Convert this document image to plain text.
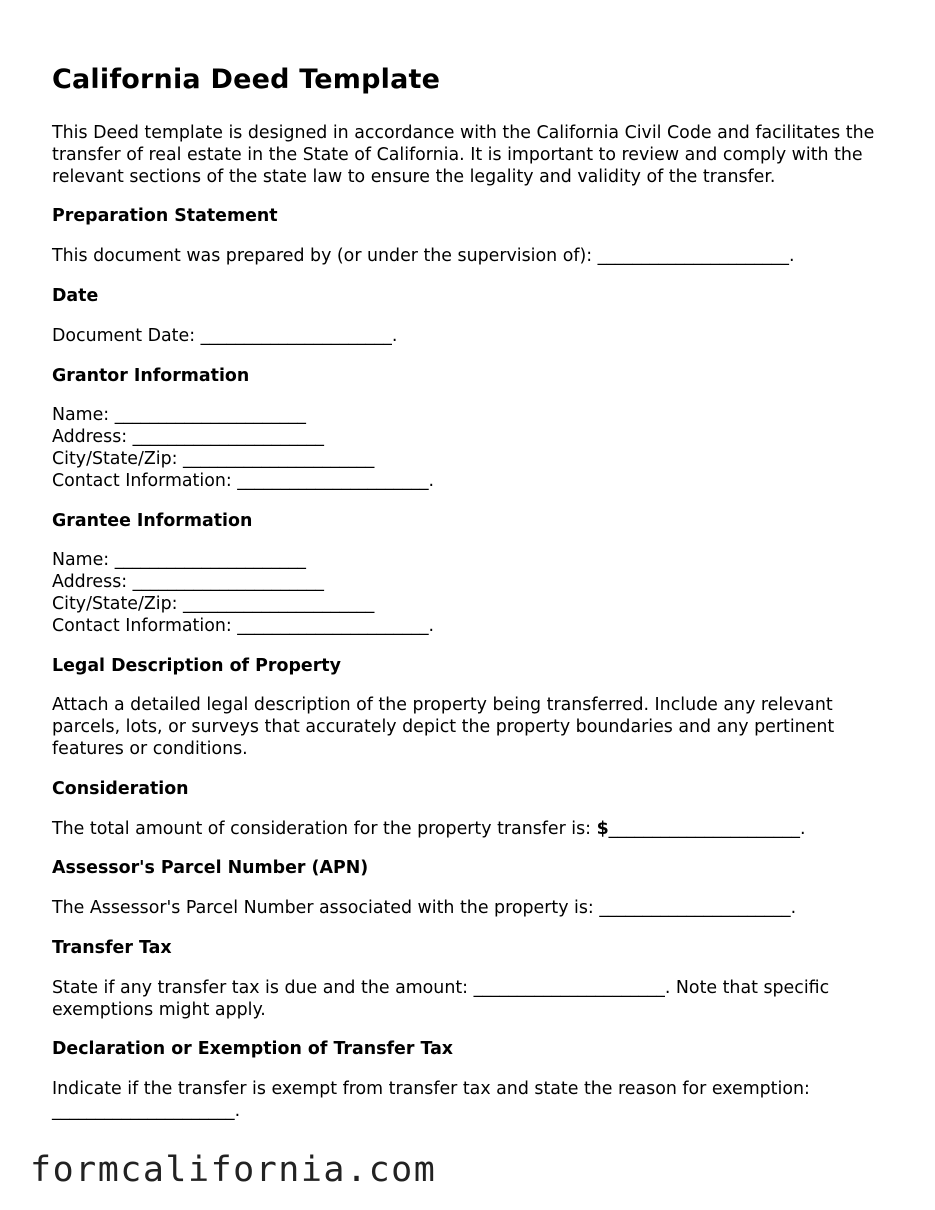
California Deed Template

This Deed template is designed in accordance with the California Civil Code and facilitates the transfer of real estate in the State of California. It is important to review and comply with the relevant sections of the state law to ensure the legality and validity of the transfer.

Preparation Statement

This document was prepared by (or under the supervision of): ______________________.

Date

Document Date: ______________________.

Grantor Information

Name: ______________________
Address: ______________________
City/State/Zip: ______________________
Contact Information: ______________________.

Grantee Information

Name: ______________________
Address: ______________________
City/State/Zip: ______________________
Contact Information: ______________________.

Legal Description of Property

Attach a detailed legal description of the property being transferred. Include any relevant parcels, lots, or surveys that accurately depict the property boundaries and any pertinent features or conditions.

Consideration

The total amount of consideration for the property transfer is: $______________________.

Assessor's Parcel Number (APN)

The Assessor's Parcel Number associated with the property is: ______________________.

Transfer Tax

State if any transfer tax is due and the amount: ______________________. Note that specific exemptions might apply.

Declaration or Exemption of Transfer Tax

Indicate if the transfer is exempt from transfer tax and state the reason for exemption: _____________________.

formcalifornia.com
